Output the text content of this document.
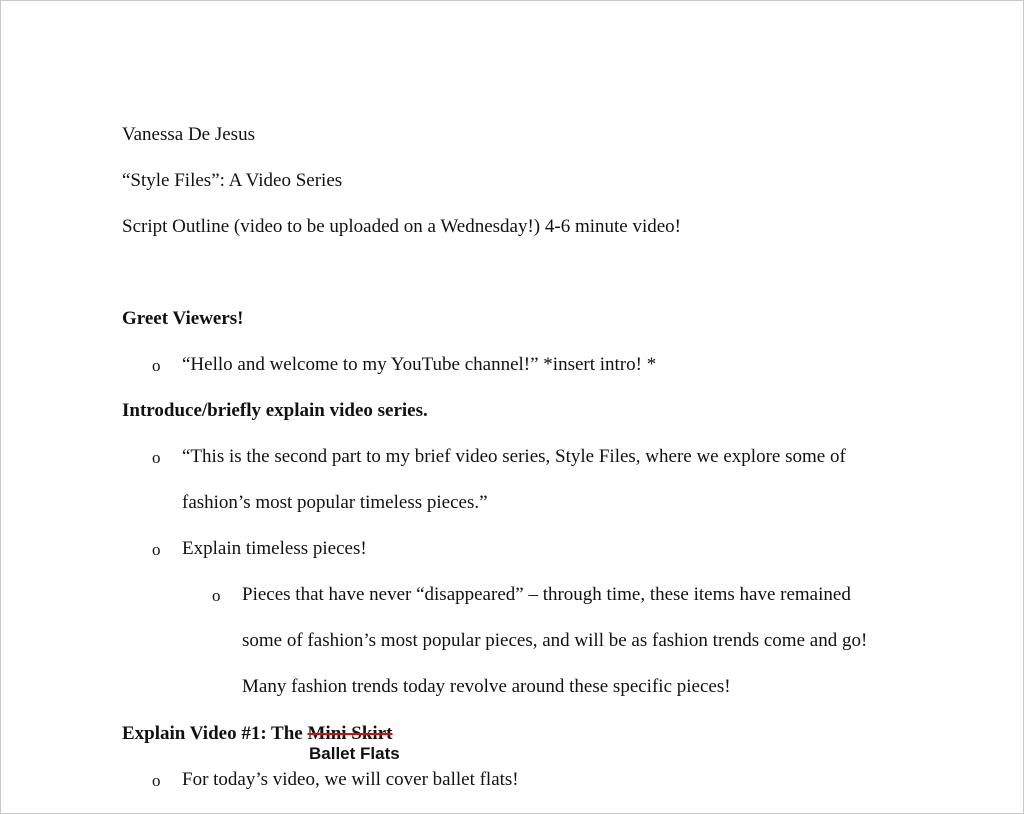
Vanessa De Jesus
“Style Files”: A Video Series
Script Outline (video to be uploaded on a Wednesday!) 4-6 minute video!
Greet Viewers!
o “Hello and welcome to my YouTube channel!” *insert intro! *
Introduce/briefly explain video series.
o “This is the second part to my brief video series, Style Files, where we explore some of
fashion’s most popular timeless pieces.”
o Explain timeless pieces!
o Pieces that have never “disappeared” – through time, these items have remained
some of fashion’s most popular pieces, and will be as fashion trends come and go!
Many fashion trends today revolve around these specific pieces!
Explain Video #1: The Mini Skirt
Ballet Flats
o For today’s video, we will cover ballet flats!
